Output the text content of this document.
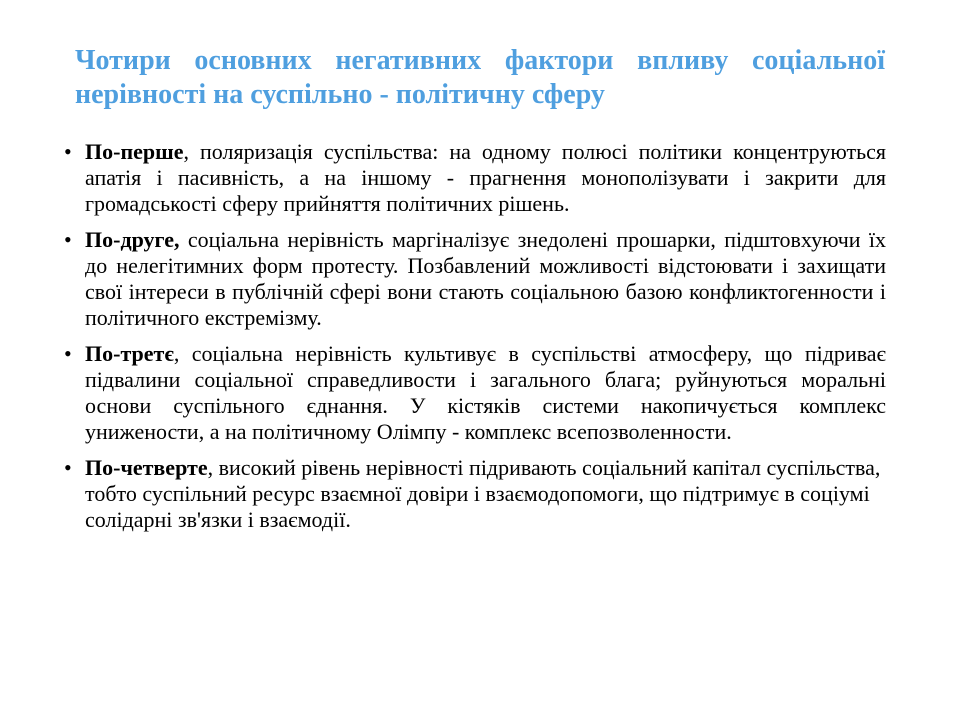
Чотири основних негативних фактори впливу соціальної нерівності на суспільно - політичну сферу
• По-перше, поляризація суспільства: на одному полюсі політики концентруються апатія і пасивність, а на іншому - прагнення монополізувати і закрити для громадськості сферу прийняття політичних рішень.
• По-друге, соціальна нерівність маргіналізує знедолені прошарки, підштовхуючи їх до нелегітимних форм протесту. Позбавлений можливості відстоювати і захищати свої інтереси в публічній сфері вони стають соціальною базою конфликтогенности і політичного екстремізму.
• По-третє, соціальна нерівність культивує в суспільстві атмосферу, що підриває підвалини соціальної справедливости і загального блага; руйнуються моральні основи суспільного єднання. У кістяків системи накопичується комплекс унижености, а на політичному Олімпу - комплекс всепозволенности.
• По-четверте, високий рівень нерівності підривають соціальний капітал суспільства, тобто суспільний ресурс взаємної довіри і взаємодопомоги, що підтримує в соціумі солідарні зв'язки і взаємодії.
